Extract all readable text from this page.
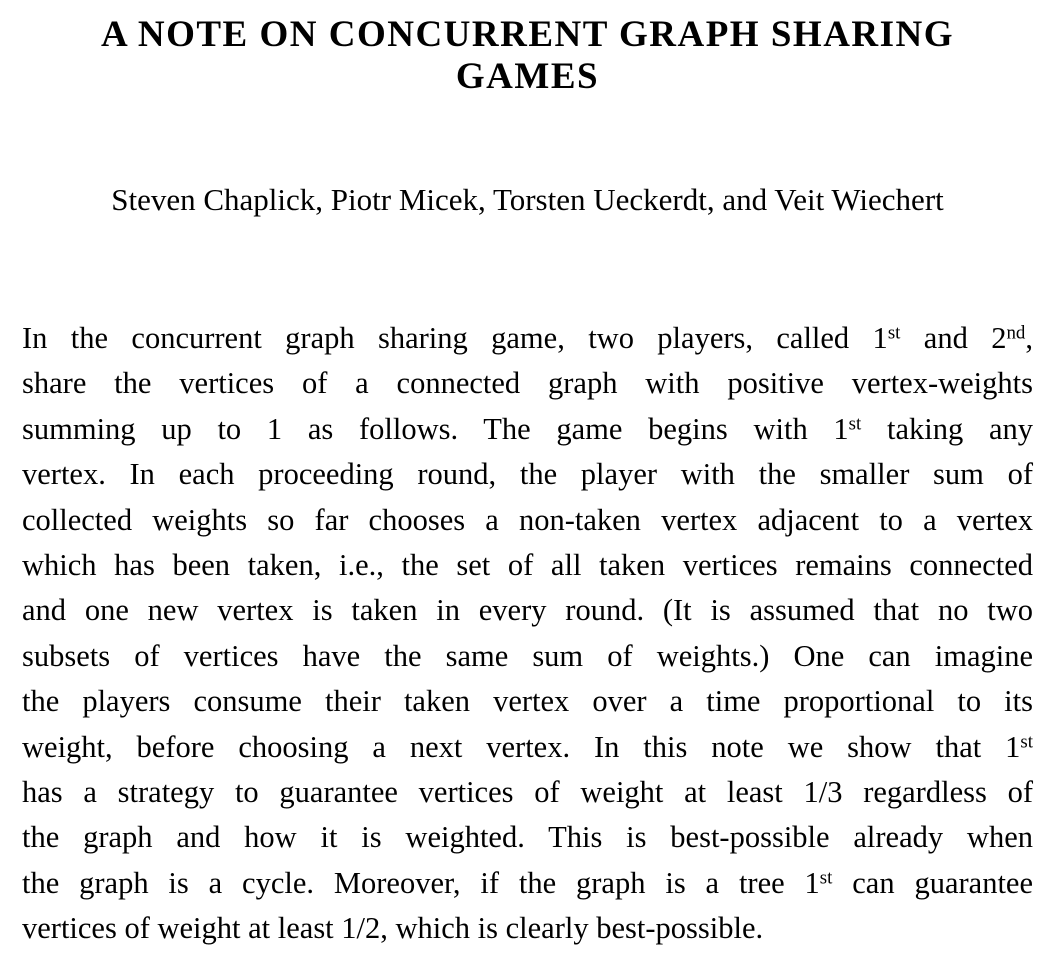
A NOTE ON CONCURRENT GRAPH SHARING
GAMES
Steven Chaplick, Piotr Micek, Torsten Ueckerdt, and Veit Wiechert
In the concurrent graph sharing game, two players, called 1st and 2nd,
share the vertices of a connected graph with positive vertex-weights
summing up to 1 as follows. The game begins with 1st taking any
vertex. In each proceeding round, the player with the smaller sum of
collected weights so far chooses a non-taken vertex adjacent to a vertex
which has been taken, i.e., the set of all taken vertices remains connected
and one new vertex is taken in every round. (It is assumed that no two
subsets of vertices have the same sum of weights.) One can imagine
the players consume their taken vertex over a time proportional to its
weight, before choosing a next vertex. In this note we show that 1st
has a strategy to guarantee vertices of weight at least 1/3 regardless of
the graph and how it is weighted. This is best-possible already when
the graph is a cycle. Moreover, if the graph is a tree 1st can guarantee
vertices of weight at least 1/2, which is clearly best-possible.
